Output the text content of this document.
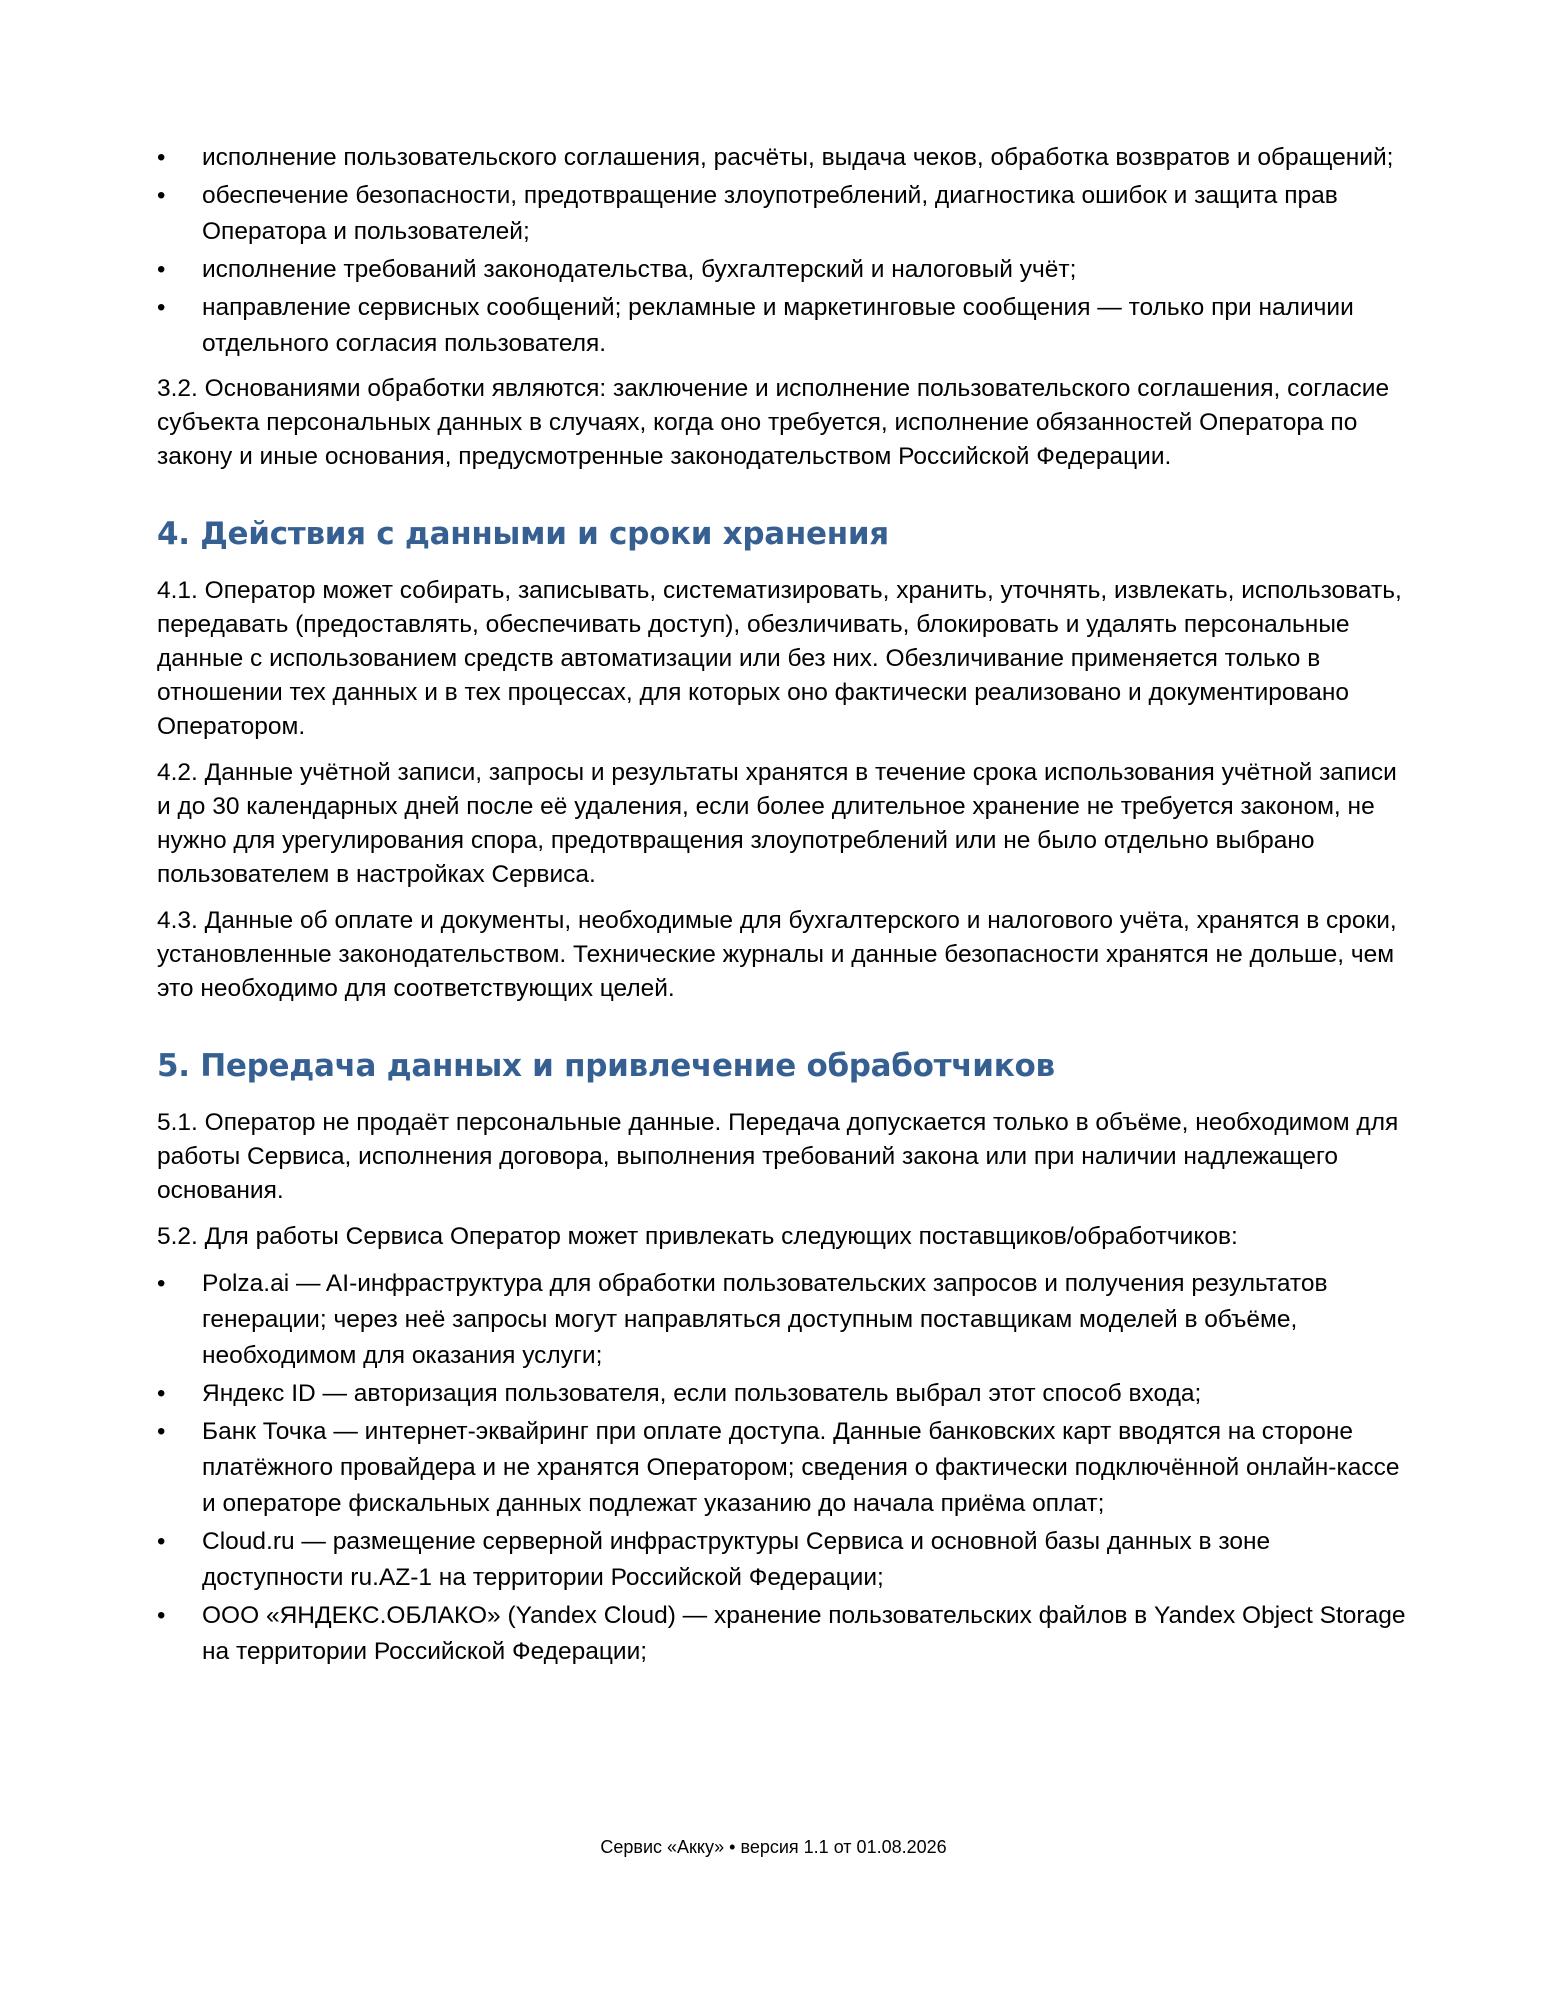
•	исполнение пользовательского соглашения, расчёты, выдача чеков, обработка возвратов и обращений;
•	обеспечение безопасности, предотвращение злоупотреблений, диагностика ошибок и защита прав Оператора и пользователей;
•	исполнение требований законодательства, бухгалтерский и налоговый учёт;
•	направление сервисных сообщений; рекламные и маркетинговые сообщения — только при наличии отдельного согласия пользователя.

3.2. Основаниями обработки являются: заключение и исполнение пользовательского соглашения, согласие субъекта персональных данных в случаях, когда оно требуется, исполнение обязанностей Оператора по закону и иные основания, предусмотренные законодательством Российской Федерации.

4. Действия с данными и сроки хранения

4.1. Оператор может собирать, записывать, систематизировать, хранить, уточнять, извлекать, использовать, передавать (предоставлять, обеспечивать доступ), обезличивать, блокировать и удалять персональные данные с использованием средств автоматизации или без них. Обезличивание применяется только в отношении тех данных и в тех процессах, для которых оно фактически реализовано и документировано Оператором.

4.2. Данные учётной записи, запросы и результаты хранятся в течение срока использования учётной записи и до 30 календарных дней после её удаления, если более длительное хранение не требуется законом, не нужно для урегулирования спора, предотвращения злоупотреблений или не было отдельно выбрано пользователем в настройках Сервиса.

4.3. Данные об оплате и документы, необходимые для бухгалтерского и налогового учёта, хранятся в сроки, установленные законодательством. Технические журналы и данные безопасности хранятся не дольше, чем это необходимо для соответствующих целей.

5. Передача данных и привлечение обработчиков

5.1. Оператор не продаёт персональные данные. Передача допускается только в объёме, необходимом для работы Сервиса, исполнения договора, выполнения требований закона или при наличии надлежащего основания.

5.2. Для работы Сервиса Оператор может привлекать следующих поставщиков/обработчиков:

•	Polza.ai — AI-инфраструктура для обработки пользовательских запросов и получения результатов генерации; через неё запросы могут направляться доступным поставщикам моделей в объёме, необходимом для оказания услуги;
•	Яндекс ID — авторизация пользователя, если пользователь выбрал этот способ входа;
•	Банк Точка — интернет-эквайринг при оплате доступа. Данные банковских карт вводятся на стороне платёжного провайдера и не хранятся Оператором; сведения о фактически подключённой онлайн-кассе и операторе фискальных данных подлежат указанию до начала приёма оплат;
•	Cloud.ru — размещение серверной инфраструктуры Сервиса и основной базы данных в зоне доступности ru.AZ-1 на территории Российской Федерации;
•	ООО «ЯНДЕКС.ОБЛАКО» (Yandex Cloud) — хранение пользовательских файлов в Yandex Object Storage на территории Российской Федерации;
Сервис «Акку» • версия 1.1 от 01.08.2026
